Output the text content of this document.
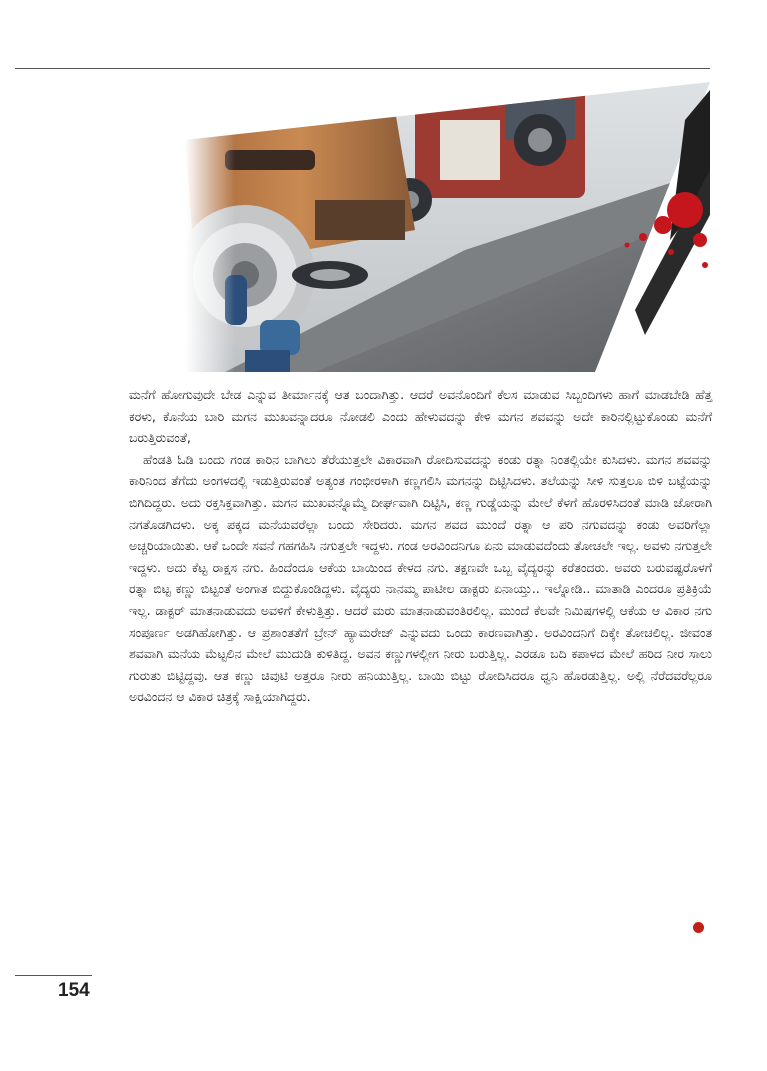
ಮನೆಗೆ ಹೋಗುವುದೇ ಬೇಡ ಎನ್ನುವ ತೀರ್ಮಾನಕ್ಕೆ ಆತ ಬಂದಾಗಿತ್ತು. ಆದರೆ ಅವನೊಂದಿಗೆ ಕೆಲಸ ಮಾಡುವ ಸಿಬ್ಬಂದಿಗಳು ಹಾಗೆ ಮಾಡಬೇಡಿ ಹೆತ್ತ ಕರಳು, ಕೊನೆಯ ಬಾರಿ ಮಗನ ಮುಖವನ್ನಾದರೂ ನೋಡಲಿ ಎಂದು ಹೇಳುವದನ್ನು ಕೇಳಿ ಮಗನ ಶವವನ್ನು ಅದೇ ಕಾರಿನಲ್ಲಿಟ್ಟುಕೊಂಡು ಮನೆಗೆ ಬರುತ್ತಿರುವಂತೆ,

ಹೆಂಡತಿ ಓಡಿ ಬಂದು ಗಂಡ ಕಾರಿನ ಬಾಗಿಲು ತೆರೆಯುತ್ತಲೇ ವಿಕಾರವಾಗಿ ರೋದಿಸುವದನ್ನು ಕಂಡು ರತ್ನಾ ನಿಂತಲ್ಲಿಯೇ ಕುಸಿದಳು. ಮಗನ ಶವವನ್ನು ಕಾರಿನಿಂದ ತೆಗೆದು ಅಂಗಳದಲ್ಲಿ ಇಡುತ್ತಿರುವಂತೆ ಅತ್ಯಂತ ಗಂಭೀರಳಾಗಿ ಕಣ್ಣಗಲಿಸಿ ಮಗನನ್ನು ದಿಟ್ಟಿಸಿದಳು. ತಲೆಯನ್ನು ಸೀಳಿ ಸುತ್ತಲೂ ಬಿಳಿ ಬಟ್ಟೆಯನ್ನು ಬಿಗಿದಿದ್ದರು. ಅದು ರಕ್ತಸಿಕ್ತವಾಗಿತ್ತು. ಮಗನ ಮುಖವನ್ನೊಮ್ಮೆ ದೀರ್ಘವಾಗಿ ದಿಟ್ಟಿಸಿ, ಕಣ್ಣ ಗುಡ್ಡೆಯನ್ನು ಮೇಲೆ ಕೆಳಗೆ ಹೊರಳಿಸಿದಂತೆ ಮಾಡಿ ಜೋರಾಗಿ ನಗತೊಡಗಿದಳು. ಅಕ್ಕ ಪಕ್ಕದ ಮನೆಯವರೆಲ್ಲಾ ಬಂದು ಸೇರಿದರು. ಮಗನ ಶವದ ಮುಂದೆ ರತ್ನಾ ಆ ಪರಿ ನಗುವದನ್ನು ಕಂಡು ಅವರಿಗೆಲ್ಲಾ ಅಚ್ಚರಿಯಾಯಿತು. ಆಕೆ ಒಂದೇ ಸವನೆ ಗಹಗಹಿಸಿ ನಗುತ್ತಲೇ ಇದ್ದಳು. ಗಂಡ ಅರವಿಂದನಿಗೂ ಏನು ಮಾಡುವದೆಂದು ತೋಚಲೇ ಇಲ್ಲ. ಅವಳು ನಗುತ್ತಲೇ ಇದ್ದಳು. ಅದು ಕೆಟ್ಟ ರಾಕ್ಷಸ ನಗು. ಹಿಂದೆಂದೂ ಆಕೆಯ ಬಾಯಿಂದ ಕೇಳದ ನಗು. ತಕ್ಷಣವೇ ಒಬ್ಬ ವೈದ್ಯರನ್ನು ಕರೆತಂದರು. ಅವರು ಬರುವಷ್ಟರೊಳಗೆ ರತ್ನಾ ಬಿಟ್ಟ ಕಣ್ಣು ಬಿಟ್ಟಂತೆ ಅಂಗಾತ ಬಿದ್ದುಕೊಂಡಿದ್ದಳು. ವೈದ್ಯರು ನಾನಮ್ಮ ಪಾಟೀಲ ಡಾಕ್ಟರು ಏನಾಯ್ತು.. ಇಲ್ನೋಡಿ.. ಮಾತಾಡಿ ಎಂದರೂ ಪ್ರತಿಕ್ರಿಯೆ ಇಲ್ಲ. ಡಾಕ್ಟರ್ ಮಾತನಾಡುವದು ಅವಳಿಗೆ ಕೇಳುತ್ತಿತ್ತು. ಆದರೆ ಮರು ಮಾತನಾಡುವಂತಿರಲಿಲ್ಲ. ಮುಂದೆ ಕೆಲವೇ ನಿಮಿಷಗಳಲ್ಲಿ ಆಕೆಯ ಆ ವಿಕಾರ ನಗು ಸಂಪೂರ್ಣ ಅಡಗಿಹೋಗಿತ್ತು. ಆ ಪ್ರಶಾಂತತೆಗೆ ಬ್ರೇನ್ ಹ್ಯಾಮರೇಜ್ ಎನ್ನುವದು ಒಂದು ಕಾರಣವಾಗಿತ್ತು. ಅರವಿಂದನಿಗೆ ದಿಕ್ಕೇ ತೋಚಲಿಲ್ಲ. ಜೀವಂತ ಶವವಾಗಿ ಮನೆಯ ಮೆಟ್ಟಲಿನ ಮೇಲೆ ಮುದುಡಿ ಕುಳಿತಿದ್ದ. ಅವನ ಕಣ್ಣುಗಳಲ್ಲೀಗ ನೀರು ಬರುತ್ತಿಲ್ಲ. ಎರಡೂ ಬದಿ ಕಪಾಳದ ಮೇಲೆ ಹರಿದ ನೀರ ಸಾಲು ಗುರುತು ಬಿಟ್ಟಿದ್ದವು. ಆತ ಕಣ್ಣು ಚಿವುಟಿ ಅತ್ತರೂ ನೀರು ಹನಿಯುತ್ತಿಲ್ಲ. ಬಾಯಿ ಬಿಟ್ಟು ರೋದಿಸಿದರೂ ಧ್ವನಿ ಹೊರಡುತ್ತಿಲ್ಲ. ಅಲ್ಲಿ ನೆರೆದವರೆಲ್ಲರೂ ಅರವಿಂದನ ಆ ವಿಕಾರ ಚಿತ್ರಕ್ಕೆ ಸಾಕ್ಷಿಯಾಗಿದ್ದರು.

154
